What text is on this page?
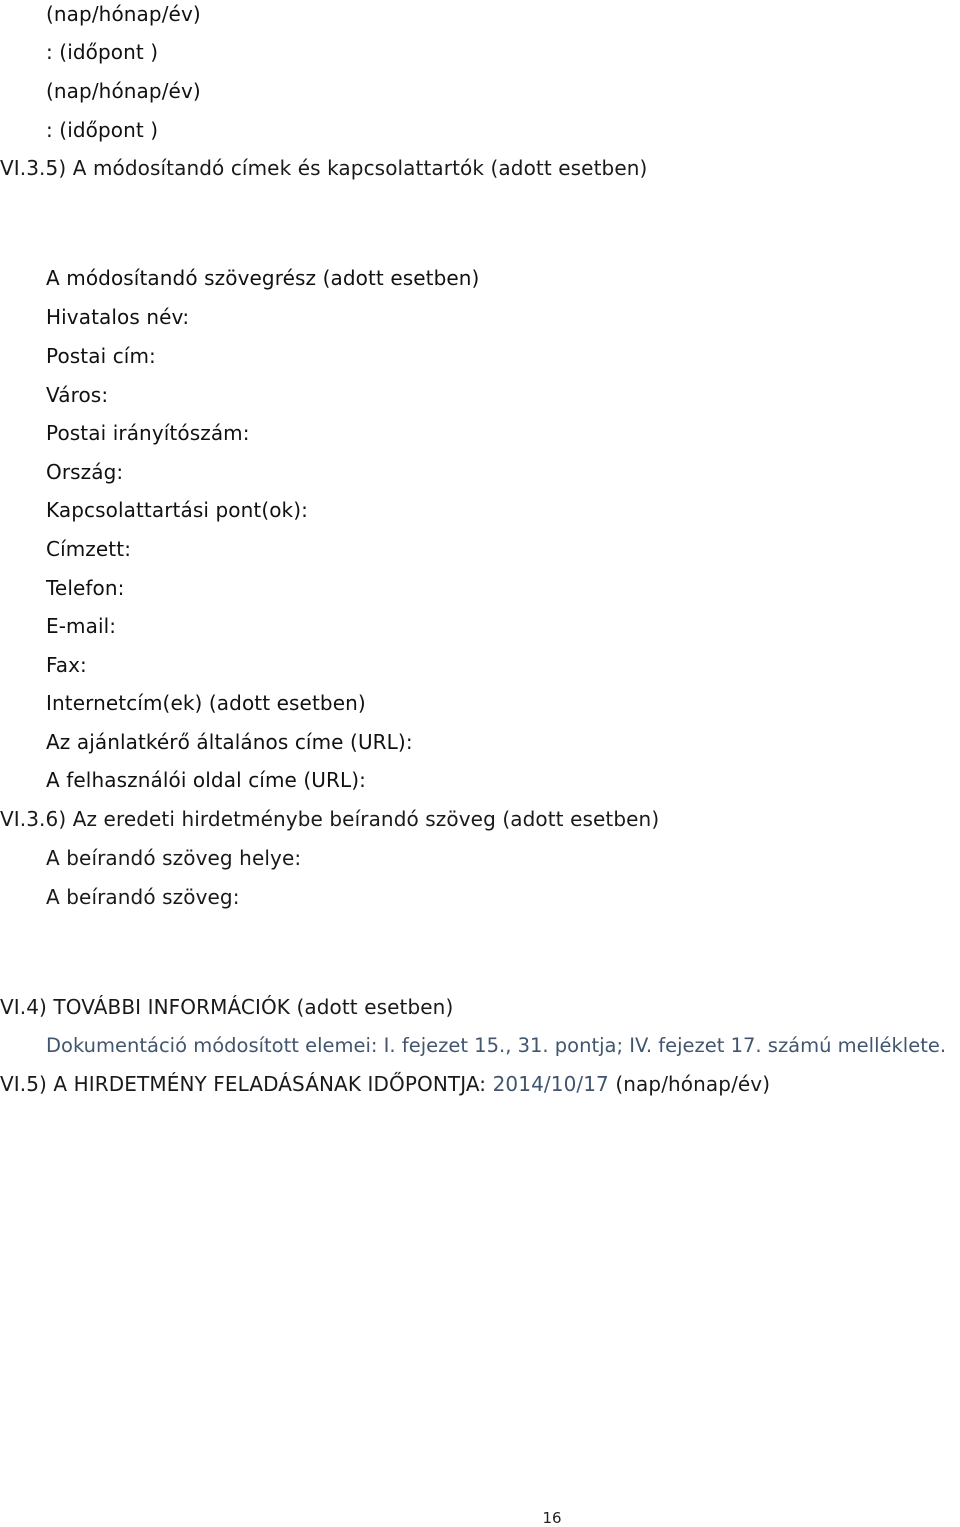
(nap/hónap/év)
: (időpont )
(nap/hónap/év)
: (időpont )
VI.3.5) A módosítandó címek és kapcsolattartók (adott esetben)
A módosítandó szövegrész (adott esetben)
Hivatalos név:
Postai cím:
Város:
Postai irányítószám:
Ország:
Kapcsolattartási pont(ok):
Címzett:
Telefon:
E-mail:
Fax:
Internetcím(ek) (adott esetben)
Az ajánlatkérő általános címe (URL):
A felhasználói oldal címe (URL):
VI.3.6) Az eredeti hirdetménybe beírandó szöveg (adott esetben)
A beírandó szöveg helye:
A beírandó szöveg:
VI.4) TOVÁBBI INFORMÁCIÓK (adott esetben)
Dokumentáció módosított elemei: I. fejezet 15., 31. pontja; IV. fejezet 17. számú melléklete.
VI.5) A HIRDETMÉNY FELADÁSÁNAK IDŐPONTJA: 2014/10/17 (nap/hónap/év)
16
